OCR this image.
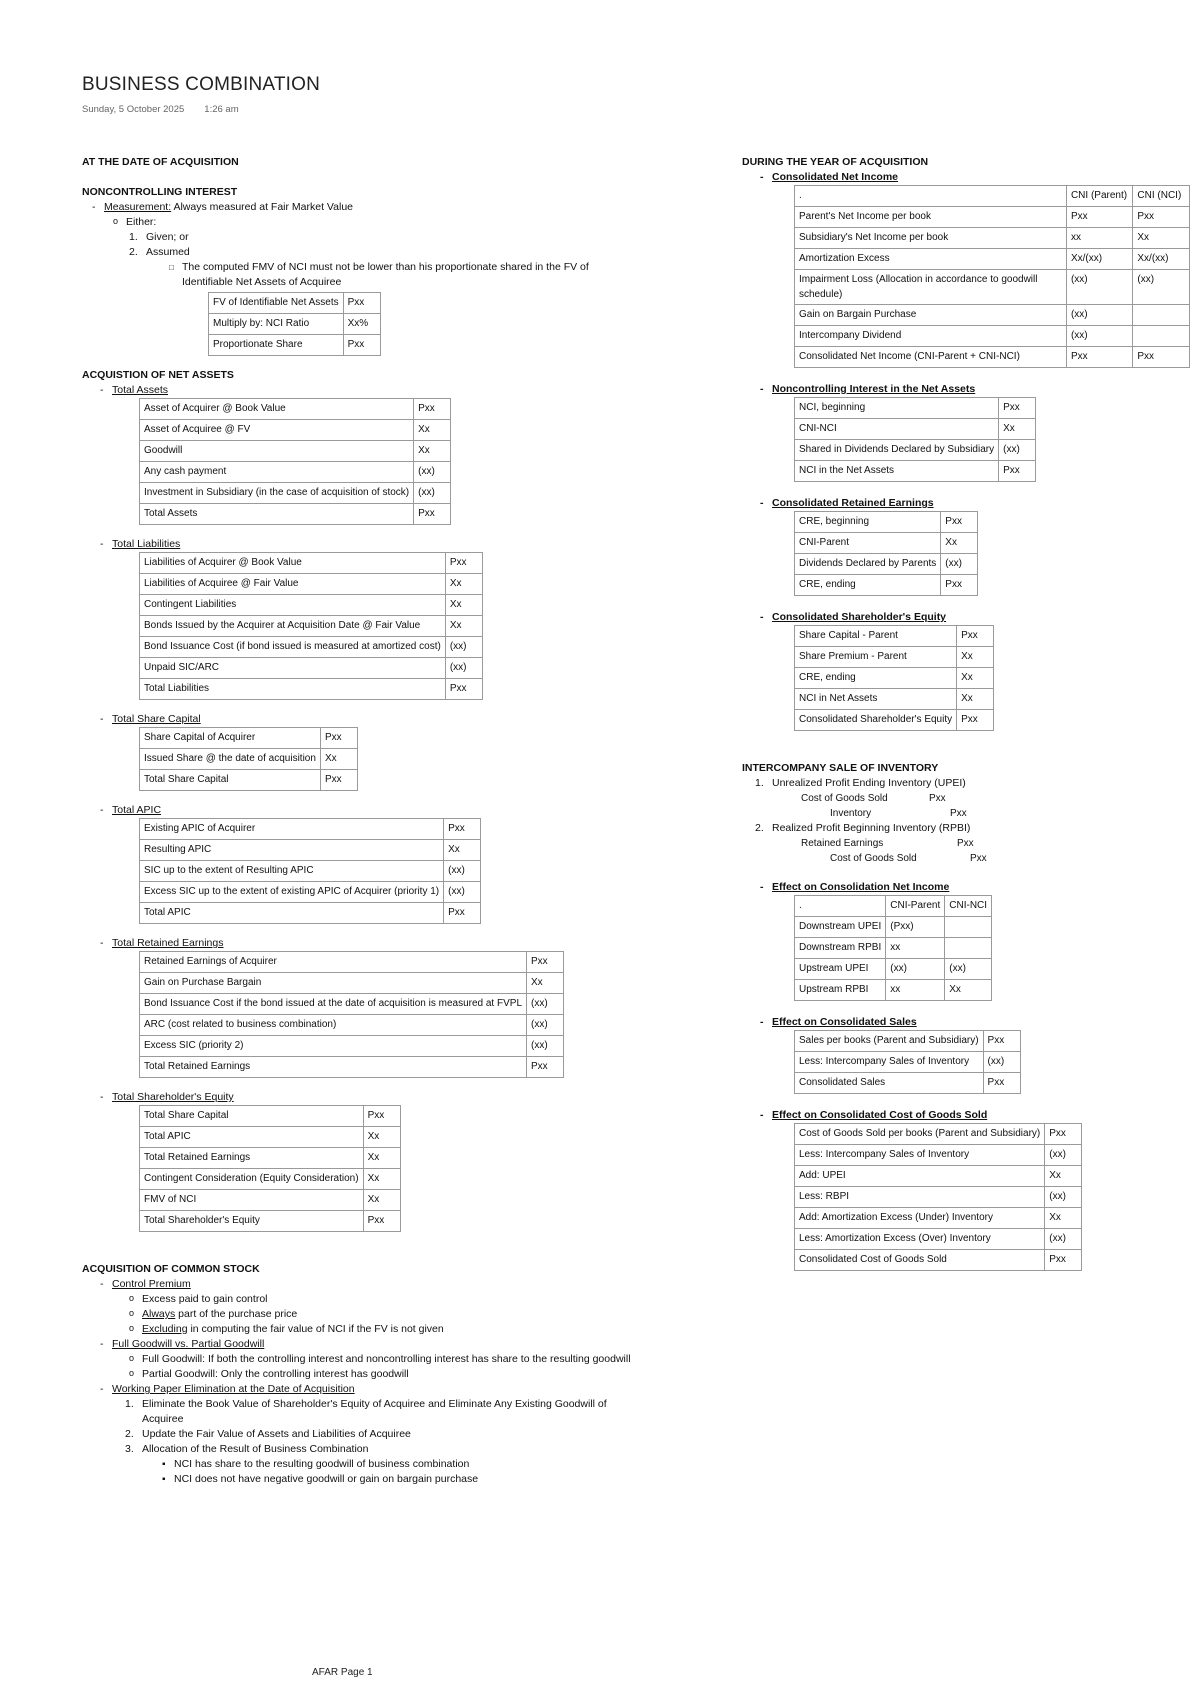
BUSINESS COMBINATION
Sunday, 5 October 2025 1:26 am
AT THE DATE OF ACQUISITION
NONCONTROLLING INTEREST
- Measurement: Always measured at Fair Market Value
o Either:
1. Given; or
2. Assumed
□ The computed FMV of NCI must not be lower than his proportionate shared in the FV of
Identifiable Net Assets of Acquiree
FV of Identifiable Net Assets	Pxx
Multiply by: NCI Ratio	Xx%
Proportionate Share	Pxx
ACQUISTION OF NET ASSETS
- Total Assets
Asset of Acquirer @ Book Value	Pxx
Asset of Acquiree @ FV	Xx
Goodwill	Xx
Any cash payment	(xx)
Investment in Subsidiary (in the case of acquisition of stock)	(xx)
Total Assets	Pxx
- Total Liabilities
Liabilities of Acquirer @ Book Value	Pxx
Liabilities of Acquiree @ Fair Value	Xx
Contingent Liabilities	Xx
Bonds Issued by the Acquirer at Acquisition Date @ Fair Value	Xx
Bond Issuance Cost (if bond issued is measured at amortized cost)	(xx)
Unpaid SIC/ARC	(xx)
Total Liabilities	Pxx
- Total Share Capital
Share Capital of Acquirer	Pxx
Issued Share @ the date of acquisition	Xx
Total Share Capital	Pxx
- Total APIC
Existing APIC of Acquirer	Pxx
Resulting APIC	Xx
SIC up to the extent of Resulting APIC	(xx)
Excess SIC up to the extent of existing APIC of Acquirer (priority 1)	(xx)
Total APIC	Pxx
- Total Retained Earnings
Retained Earnings of Acquirer	Pxx
Gain on Purchase Bargain	Xx
Bond Issuance Cost if the bond issued at the date of acquisition is measured at FVPL	(xx)
ARC (cost related to business combination)	(xx)
Excess SIC (priority 2)	(xx)
Total Retained Earnings	Pxx
- Total Shareholder's Equity
Total Share Capital	Pxx
Total APIC	Xx
Total Retained Earnings	Xx
Contingent Consideration (Equity Consideration)	Xx
FMV of NCI	Xx
Total Shareholder's Equity	Pxx
ACQUISITION OF COMMON STOCK
- Control Premium
o Excess paid to gain control
o Always part of the purchase price
o Excluding in computing the fair value of NCI if the FV is not given
- Full Goodwill vs. Partial Goodwill
o Full Goodwill: If both the controlling interest and noncontrolling interest has share to the resulting goodwill
o Partial Goodwill: Only the controlling interest has goodwill
- Working Paper Elimination at the Date of Acquisition
1. Eliminate the Book Value of Shareholder's Equity of Acquiree and Eliminate Any Existing Goodwill of
Acquiree
2. Update the Fair Value of Assets and Liabilities of Acquiree
3. Allocation of the Result of Business Combination
▪ NCI has share to the resulting goodwill of business combination
▪ NCI does not have negative goodwill or gain on bargain purchase
DURING THE YEAR OF ACQUISITION
- Consolidated Net Income
.	CNI (Parent)	CNI (NCI)
Parent's Net Income per book	Pxx	Pxx
Subsidiary's Net Income per book	xx	Xx
Amortization Excess	Xx/(xx)	Xx/(xx)
Impairment Loss (Allocation in accordance to goodwill schedule)	(xx)	(xx)
Gain on Bargain Purchase	(xx)	
Intercompany Dividend	(xx)	
Consolidated Net Income (CNI-Parent + CNI-NCI)	Pxx	Pxx
- Noncontrolling Interest in the Net Assets
NCI, beginning	Pxx
CNI-NCI	Xx
Shared in Dividends Declared by Subsidiary	(xx)
NCI in the Net Assets	Pxx
- Consolidated Retained Earnings
CRE, beginning	Pxx
CNI-Parent	Xx
Dividends Declared by Parents	(xx)
CRE, ending	Pxx
- Consolidated Shareholder's Equity
Share Capital - Parent	Pxx
Share Premium - Parent	Xx
CRE, ending	Xx
NCI in Net Assets	Xx
Consolidated Shareholder's Equity	Pxx
INTERCOMPANY SALE OF INVENTORY
1. Unrealized Profit Ending Inventory (UPEI)
Cost of Goods Sold	Pxx
Inventory	Pxx
2. Realized Profit Beginning Inventory (RPBI)
Retained Earnings	Pxx
Cost of Goods Sold	Pxx
- Effect on Consolidation Net Income
.	CNI-Parent	CNI-NCI
Downstream UPEI	(Pxx)	
Downstream RPBI	xx	
Upstream UPEI	(xx)	(xx)
Upstream RPBI	xx	Xx
- Effect on Consolidated Sales
Sales per books (Parent and Subsidiary)	Pxx
Less: Intercompany Sales of Inventory	(xx)
Consolidated Sales	Pxx
- Effect on Consolidated Cost of Goods Sold
Cost of Goods Sold per books (Parent and Subsidiary)	Pxx
Less: Intercompany Sales of Inventory	(xx)
Add: UPEI	Xx
Less: RBPI	(xx)
Add: Amortization Excess (Under) Inventory	Xx
Less: Amortization Excess (Over) Inventory	(xx)
Consolidated Cost of Goods Sold	Pxx
AFAR Page 1
